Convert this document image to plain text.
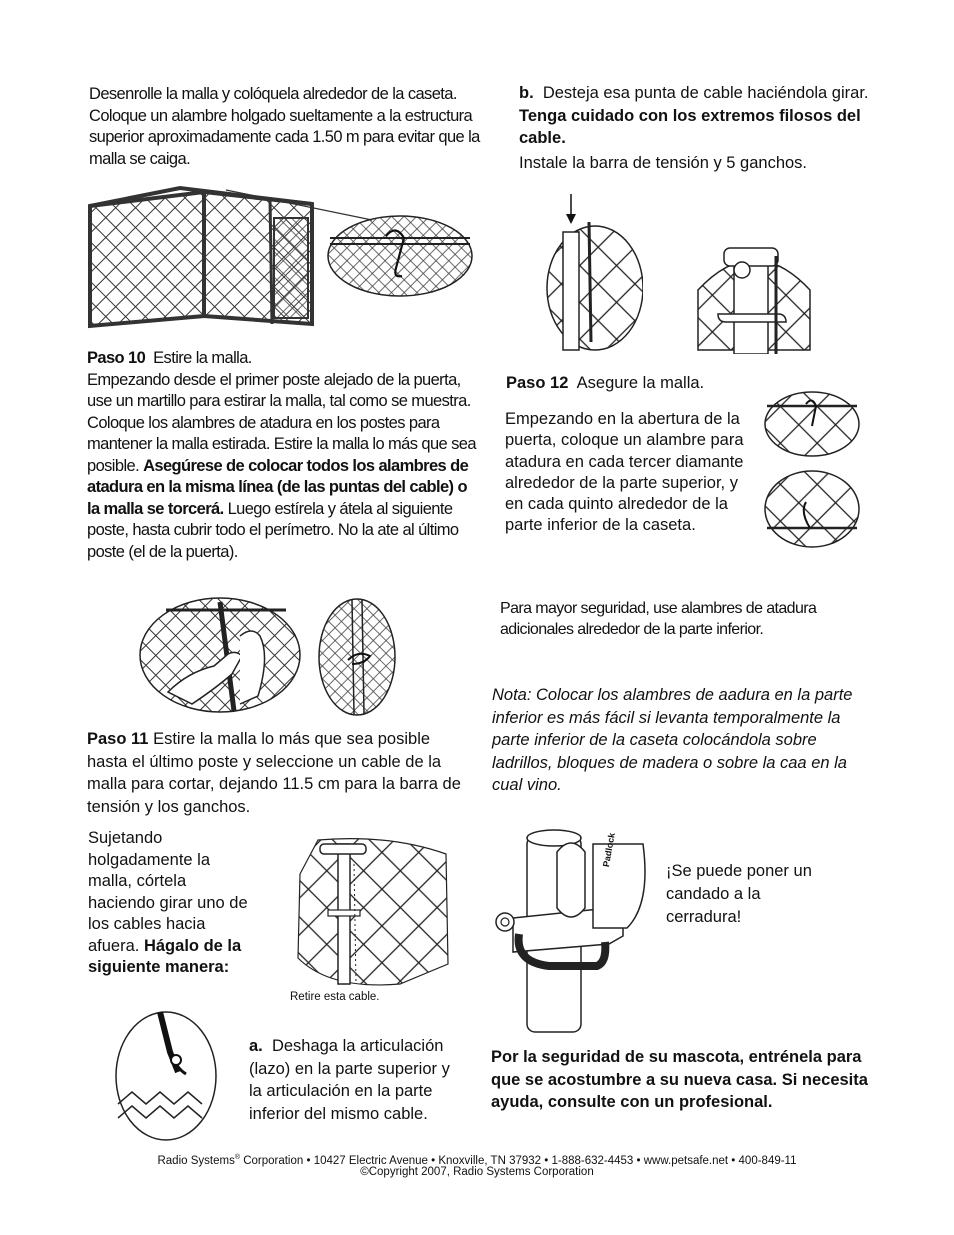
Desenrolle la malla y colóquela alrededor de la caseta. Coloque un alambre holgado sueltamente a la estructura superior aproximadamente cada 1.50 m para evitar que la malla se caiga.
Paso 10 Estire la malla.
Empezando desde el primer poste alejado de la puerta, use un martillo para estirar la malla, tal como se muestra. Coloque los alambres de atadura en los postes para mantener la malla estirada. Estire la malla lo más que sea posible. Asegúrese de colocar todos los alambres de atadura en la misma línea (de las puntas del cable) o la malla se torcerá. Luego estírela y átela al siguiente poste, hasta cubrir todo el perímetro. No la ate al último poste (el de la puerta).
Paso 11 Estire la malla lo más que sea posible hasta el último poste y seleccione un cable de la malla para cortar, dejando 11.5 cm para la barra de tensión y los ganchos.
Sujetando holgadamente la malla, córtela haciendo girar uno de los cables hacia afuera. Hágalo de la siguiente manera:
Retire esta cable.
a. Deshaga la articulación (lazo) en la parte superior y la articulación en la parte inferior del mismo cable.
b. Desteja esa punta de cable haciéndola girar. Tenga cuidado con los extremos filosos del cable.
Instale la barra de tensión y 5 ganchos.
Paso 12 Asegure la malla.
Empezando en la abertura de la puerta, coloque un alambre para atadura en cada tercer diamante alrededor de la parte superior, y en cada quinto alrededor de la parte inferior de la caseta.
Para mayor seguridad, use alambres de atadura adicionales alrededor de la parte inferior.
Nota: Colocar los alambres de aadura en la parte inferior es más fácil si levanta temporalmente la parte inferior de la caseta colocándola sobre ladrillos, bloques de madera o sobre la caa en la cual vino.
Padlock
¡Se puede poner un candado a la cerradura!
Por la seguridad de su mascota, entrénela para que se acostumbre a su nueva casa. Si necesita ayuda, consulte con un profesional.
Radio Systems® Corporation • 10427 Electric Avenue • Knoxville, TN 37932 • 1-888-632-4453 • www.petsafe.net • 400-849-11
©Copyright 2007, Radio Systems Corporation
